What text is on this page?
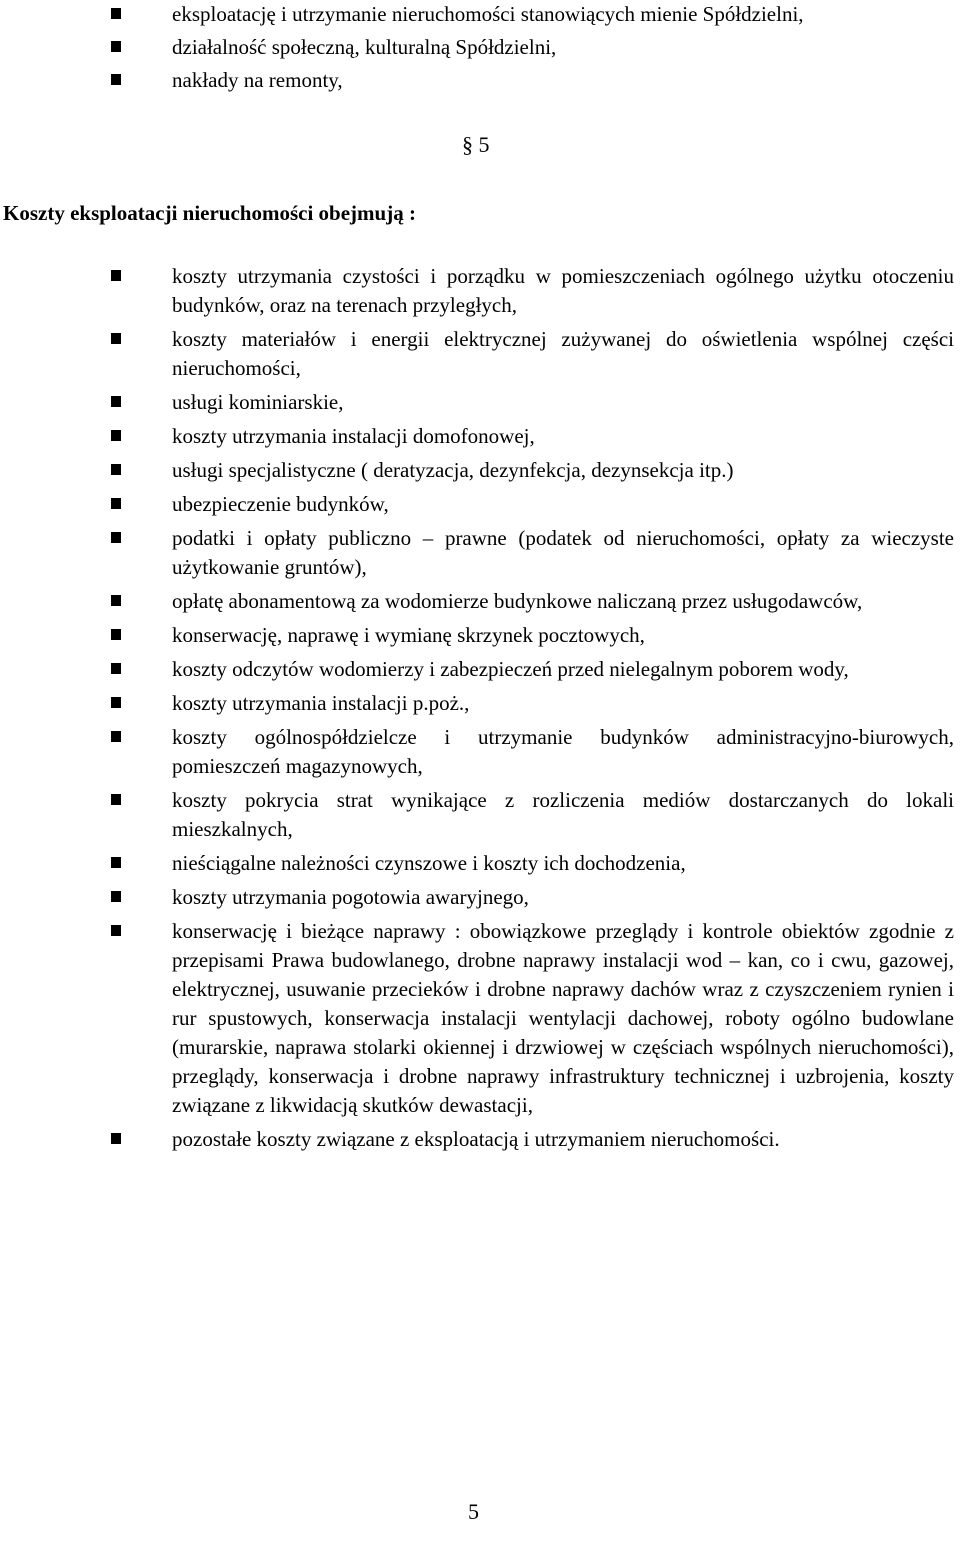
eksploatację i utrzymanie nieruchomości stanowiących mienie Spółdzielni,
działalność społeczną, kulturalną Spółdzielni,
nakłady na remonty,
§ 5
Koszty eksploatacji nieruchomości obejmują :
koszty utrzymania czystości i porządku w pomieszczeniach ogólnego użytku otoczeniu budynków, oraz na terenach przyległych,
koszty materiałów i energii elektrycznej zużywanej do oświetlenia wspólnej części nieruchomości,
usługi kominiarskie,
koszty utrzymania instalacji domofonowej,
usługi specjalistyczne ( deratyzacja, dezynfekcja, dezynsekcja itp.)
ubezpieczenie budynków,
podatki i opłaty publiczno – prawne (podatek od nieruchomości, opłaty za wieczyste użytkowanie gruntów),
opłatę abonamentową za wodomierze budynkowe naliczaną przez usługodawców,
konserwację, naprawę i wymianę skrzynek pocztowych,
koszty odczytów wodomierzy i zabezpieczeń przed nielegalnym poborem wody,
koszty utrzymania instalacji p.poż.,
koszty ogólnospółdzielcze i utrzymanie budynków administracyjno-biurowych, pomieszczeń magazynowych,
koszty pokrycia strat wynikające z rozliczenia mediów dostarczanych do lokali mieszkalnych,
nieściągalne należności czynszowe i koszty ich dochodzenia,
koszty utrzymania pogotowia awaryjnego,
konserwację i bieżące naprawy : obowiązkowe przeglądy i kontrole obiektów zgodnie z przepisami Prawa budowlanego, drobne naprawy instalacji wod – kan, co i cwu, gazowej, elektrycznej, usuwanie przecieków i drobne naprawy dachów wraz z czyszczeniem rynien i rur spustowych, konserwacja instalacji wentylacji dachowej, roboty ogólno budowlane (murarskie, naprawa stolarki okiennej i drzwiowej w częściach wspólnych nieruchomości), przeglądy, konserwacja i drobne naprawy infrastruktury technicznej i uzbrojenia, koszty związane z likwidacją skutków dewastacji,
pozostałe koszty związane z eksploatacją i utrzymaniem nieruchomości.
5
